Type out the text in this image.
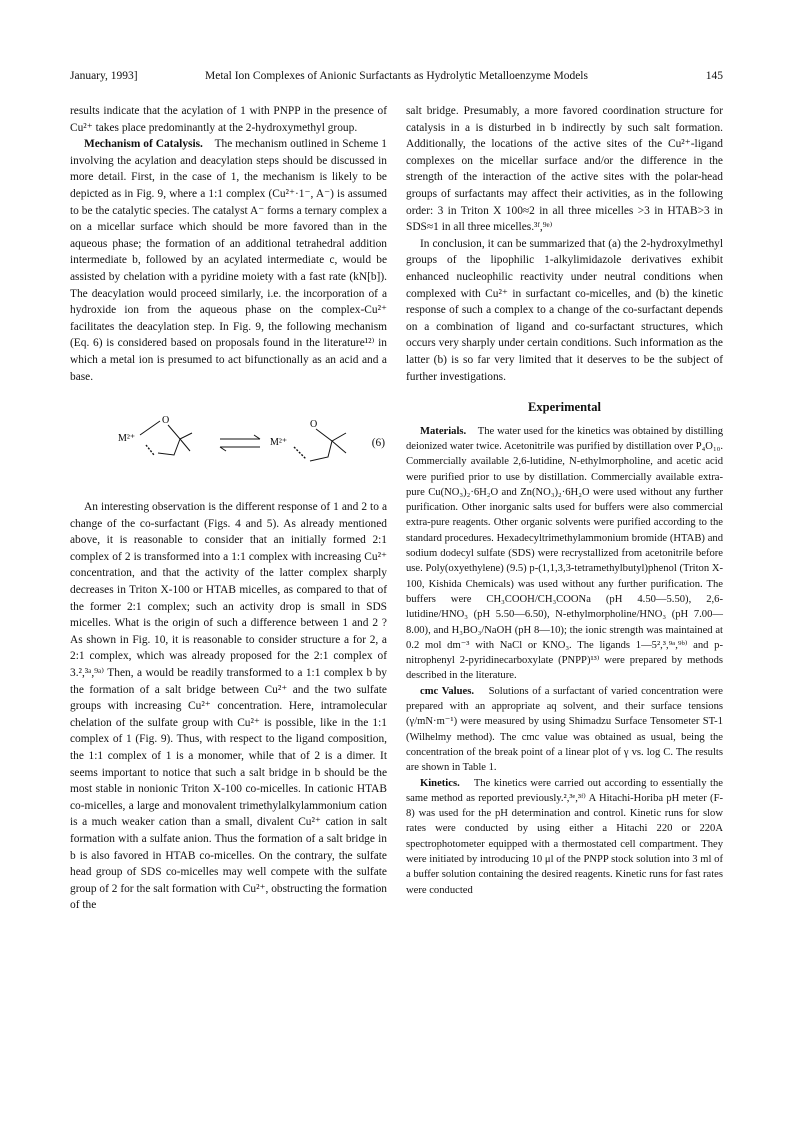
January, 1993]	Metal Ion Complexes of Anionic Surfactants as Hydrolytic Metalloenzyme Models	145

results indicate that the acylation of 1 with PNPP in the presence of Cu²⁺ takes place predominantly at the 2-hydroxymethyl group.

Mechanism of Catalysis. The mechanism outlined in Scheme 1 involving the acylation and deacylation steps should be discussed in more detail. First, in the case of 1, the mechanism is likely to be depicted as in Fig. 9, where a 1:1 complex (Cu²⁺·1⁻, A⁻) is assumed to be the catalytic species. The catalyst A⁻ forms a ternary complex a on a micellar surface which should be more favored than in the aqueous phase; the formation of an additional tetrahedral addition intermediate b, followed by an acylated intermediate c, would be assisted by chelation with a pyridine moiety with a fast rate (kN[b]). The deacylation would proceed similarly, i.e. the incorporation of a hydroxide ion from the aqueous phase on the complex-Cu²⁺ facilitates the deacylation step. In Fig. 9, the following mechanism (Eq. 6) is considered based on proposals found in the literature¹²⁾ in which a metal ion is presumed to act bifunctionally as an acid and a base.

M²⁺
O
M²⁺
O
(6)

An interesting observation is the different response of 1 and 2 to a change of the co-surfactant (Figs. 4 and 5). As already mentioned above, it is reasonable to consider that an initially formed 2:1 complex of 2 is transformed into a 1:1 complex with increasing Cu²⁺ concentration, and that the activity of the latter complex sharply decreases in Triton X-100 or HTAB micelles, as compared to that of the former 2:1 complex; such an activity drop is small in SDS micelles. What is the origin of such a difference between 1 and 2 ? As shown in Fig. 10, it is reasonable to consider structure a for 2, a 2:1 complex, which was already proposed for the 2:1 complex of 3.²,³ᵃ,⁹ᵃ⁾ Then, a would be readily transformed to a 1:1 complex b by the formation of a salt bridge between Cu²⁺ and the two sulfate groups with increasing Cu²⁺ concentration. Here, intramolecular chelation of the sulfate group with Cu²⁺ is possible, like in the 1:1 complex of 1 (Fig. 9). Thus, with respect to the ligand composition, the 1:1 complex of 1 is a monomer, while that of 2 is a dimer. It seems important to notice that such a salt bridge in b should be the most stable in nonionic Triton X-100 co-micelles. In cationic HTAB co-micelles, a large and monovalent trimethylalkylammonium cation is a much weaker cation than a small, divalent Cu²⁺ cation in salt formation with a sulfate anion. Thus the formation of a salt bridge in b is also favored in HTAB co-micelles. On the contrary, the sulfate head group of SDS co-micelles may well compete with the sulfate group of 2 for the salt formation with Cu²⁺, obstructing the formation of the

salt bridge. Presumably, a more favored coordination structure for catalysis in a is disturbed in b indirectly by such salt formation. Additionally, the locations of the active sites of the Cu²⁺-ligand complexes on the micellar surface and/or the difference in the strength of the interaction of the active sites with the polar-head groups of surfactants may affect their activities, as in the following order: 3 in Triton X 100≈2 in all three micelles >3 in HTAB>3 in SDS≈1 in all three micelles.³ᶠ,⁹ᵉ⁾

In conclusion, it can be summarized that (a) the 2-hydroxylmethyl groups of the lipophilic 1-alkylimidazole derivatives exhibit enhanced nucleophilic reactivity under neutral conditions when complexed with Cu²⁺ in surfactant co-micelles, and (b) the kinetic response of such a complex to a change of the co-surfactant depends on a combination of ligand and co-surfactant structures, which occurs very sharply under certain conditions. Such information as the latter (b) is so far very limited that it deserves to be the subject of further investigations.

Experimental

Materials. The water used for the kinetics was obtained by distilling deionized water twice. Acetonitrile was purified by distillation over P₄O₁₀. Commercially available 2,6-lutidine, N-ethylmorpholine, and acetic acid were purified prior to use by distillation. Commercially available extra-pure Cu(NO₃)₂·6H₂O and Zn(NO₃)₂·6H₂O were used without any further purification. Other inorganic salts used for buffers were also commercial extra-pure reagents. Other organic solvents were purified according to the standard procedures. Hexadecyltrimethylammonium bromide (HTAB) and sodium dodecyl sulfate (SDS) were recrystallized from acetonitrile before use. Poly(oxyethylene) (9.5) p-(1,1,3,3-tetramethylbutyl)phenol (Triton X-100, Kishida Chemicals) was used without any further purification. The buffers were CH₃COOH/CH₃COONa (pH 4.50—5.50), 2,6-lutidine/HNO₃ (pH 5.50—6.50), N-ethylmorpholine/HNO₃ (pH 7.00—8.00), and H₃BO₃/NaOH (pH 8—10); the ionic strength was maintained at 0.2 mol dm⁻³ with NaCl or KNO₃. The ligands 1—5²,³,⁹ᵃ,⁹ᵇ⁾ and p-nitrophenyl 2-pyridinecarboxylate (PNPP)¹³⁾ were prepared by methods described in the literature.

cmc Values. Solutions of a surfactant of varied concentration were prepared with an appropriate aq solvent, and their surface tensions (γ/mN·m⁻¹) were measured by using Shimadzu Surface Tensometer ST-1 (Wilhelmy method). The cmc value was obtained as usual, being the concentration of the break point of a linear plot of γ vs. log C. The results are shown in Table 1.

Kinetics. The kinetics were carried out according to essentially the same method as reported previously.²,³ᵉ,³ᶠ⁾ A Hitachi-Horiba pH meter (F-8) was used for the pH determination and control. Kinetic runs for slow rates were conducted by using either a Hitachi 220 or 220A spectrophotometer equipped with a thermostated cell compartment. They were initiated by introducing 10 μl of the PNPP stock solution into 3 ml of a buffer solution containing the desired reagents. Kinetic runs for fast rates were conducted
